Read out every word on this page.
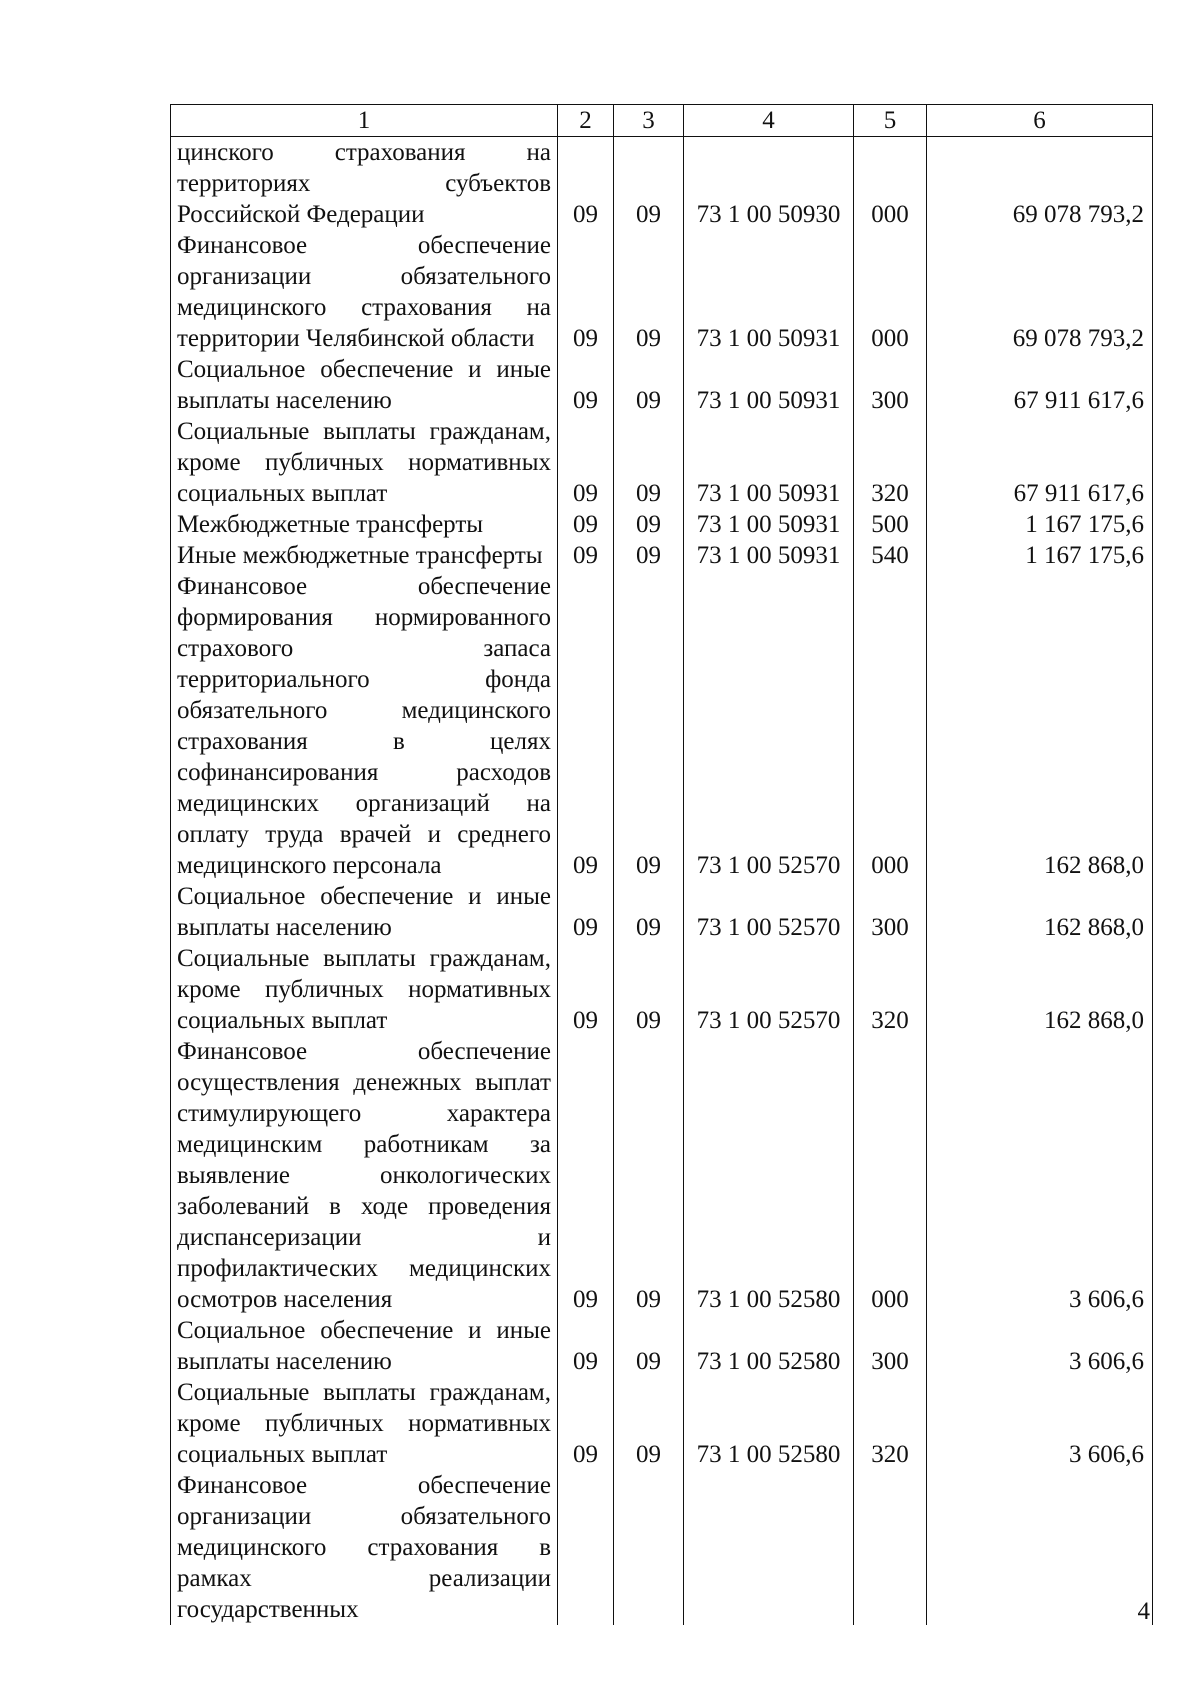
1	2	3	4	5	6
цинского страхования на территориях субъектов Российской Федерации	09	09	73 1 00 50930	000	69 078 793,2
Финансовое обеспечение организации обязательного медицинского страхования на территории Челябинской области	09	09	73 1 00 50931	000	69 078 793,2
Социальное обеспечение и иные выплаты населению	09	09	73 1 00 50931	300	67 911 617,6
Социальные выплаты гражданам, кроме публичных нормативных социальных выплат	09	09	73 1 00 50931	320	67 911 617,6
Межбюджетные трансферты	09	09	73 1 00 50931	500	1 167 175,6
Иные межбюджетные трансферты	09	09	73 1 00 50931	540	1 167 175,6
Финансовое обеспечение формирования нормированного страхового запаса территориального фонда обязательного медицинского страхования в целях софинансирования расходов медицинских организаций на оплату труда врачей и среднего медицинского персонала	09	09	73 1 00 52570	000	162 868,0
Социальное обеспечение и иные выплаты населению	09	09	73 1 00 52570	300	162 868,0
Социальные выплаты гражданам, кроме публичных нормативных социальных выплат	09	09	73 1 00 52570	320	162 868,0
Финансовое обеспечение осуществления денежных выплат стимулирующего характера медицинским работникам за выявление онкологических заболеваний в ходе проведения диспансеризации и профилактических медицинских осмотров населения	09	09	73 1 00 52580	000	3 606,6
Социальное обеспечение и иные выплаты населению	09	09	73 1 00 52580	300	3 606,6
Социальные выплаты гражданам, кроме публичных нормативных социальных выплат	09	09	73 1 00 52580	320	3 606,6
Финансовое обеспечение организации обязательного медицинского страхования в рамках реализации государственных						4
